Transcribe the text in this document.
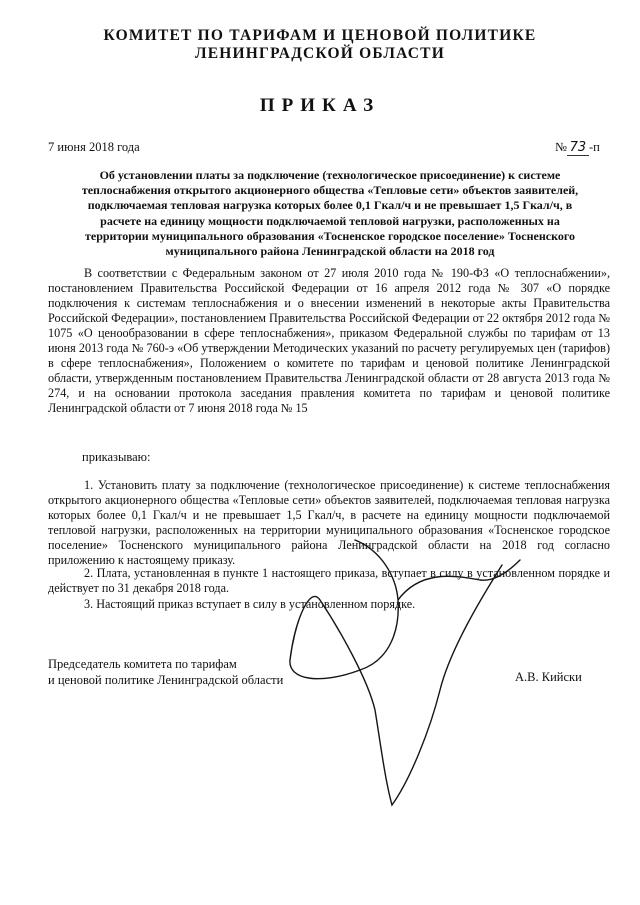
КОМИТЕТ ПО ТАРИФАМ И ЦЕНОВОЙ ПОЛИТИКЕ
ЛЕНИНГРАДСКОЙ ОБЛАСТИ
ПРИКАЗ
7 июня 2018 года	№ 73 -п
Об установлении платы за подключение (технологическое присоединение) к системе
теплоснабжения открытого акционерного общества «Тепловые сети» объектов заявителей,
подключаемая тепловая нагрузка которых более 0,1 Гкал/ч и не превышает 1,5 Гкал/ч, в
расчете на единицу мощности подключаемой тепловой нагрузки, расположенных на
территории муниципального образования «Тосненское городское поселение» Тосненского
муниципального района Ленинградской области на 2018 год
В соответствии с Федеральным законом от 27 июля 2010 года № 190-ФЗ «О теплоснабжении», постановлением Правительства Российской Федерации от 16 апреля 2012 года № 307 «О порядке подключения к системам теплоснабжения и о внесении изменений в некоторые акты Правительства Российской Федерации», постановлением Правительства Российской Федерации от 22 октября 2012 года № 1075 «О ценообразовании в сфере теплоснабжения», приказом Федеральной службы по тарифам от 13 июня 2013 года № 760-э «Об утверждении Методических указаний по расчету регулируемых цен (тарифов) в сфере теплоснабжения», Положением о комитете по тарифам и ценовой политике Ленинградской области, утвержденным постановлением Правительства Ленинградской области от 28 августа 2013 года № 274, и на основании протокола заседания правления комитета по тарифам и ценовой политике Ленинградской области от 7 июня 2018 года № 15
приказываю:
1. Установить плату за подключение (технологическое присоединение) к системе теплоснабжения открытого акционерного общества «Тепловые сети» объектов заявителей, подключаемая тепловая нагрузка которых более 0,1 Гкал/ч и не превышает 1,5 Гкал/ч, в расчете на единицу мощности подключаемой тепловой нагрузки, расположенных на территории муниципального образования «Тосненское городское поселение» Тосненского муниципального района Ленинградской области на 2018 год согласно приложению к настоящему приказу.
2. Плата, установленная в пункте 1 настоящего приказа, вступает в силу в установленном порядке и действует по 31 декабря 2018 года.
3. Настоящий приказ вступает в силу в установленном порядке.
Председатель комитета по тарифам
и ценовой политике Ленинградской области	А.В. Кийски
